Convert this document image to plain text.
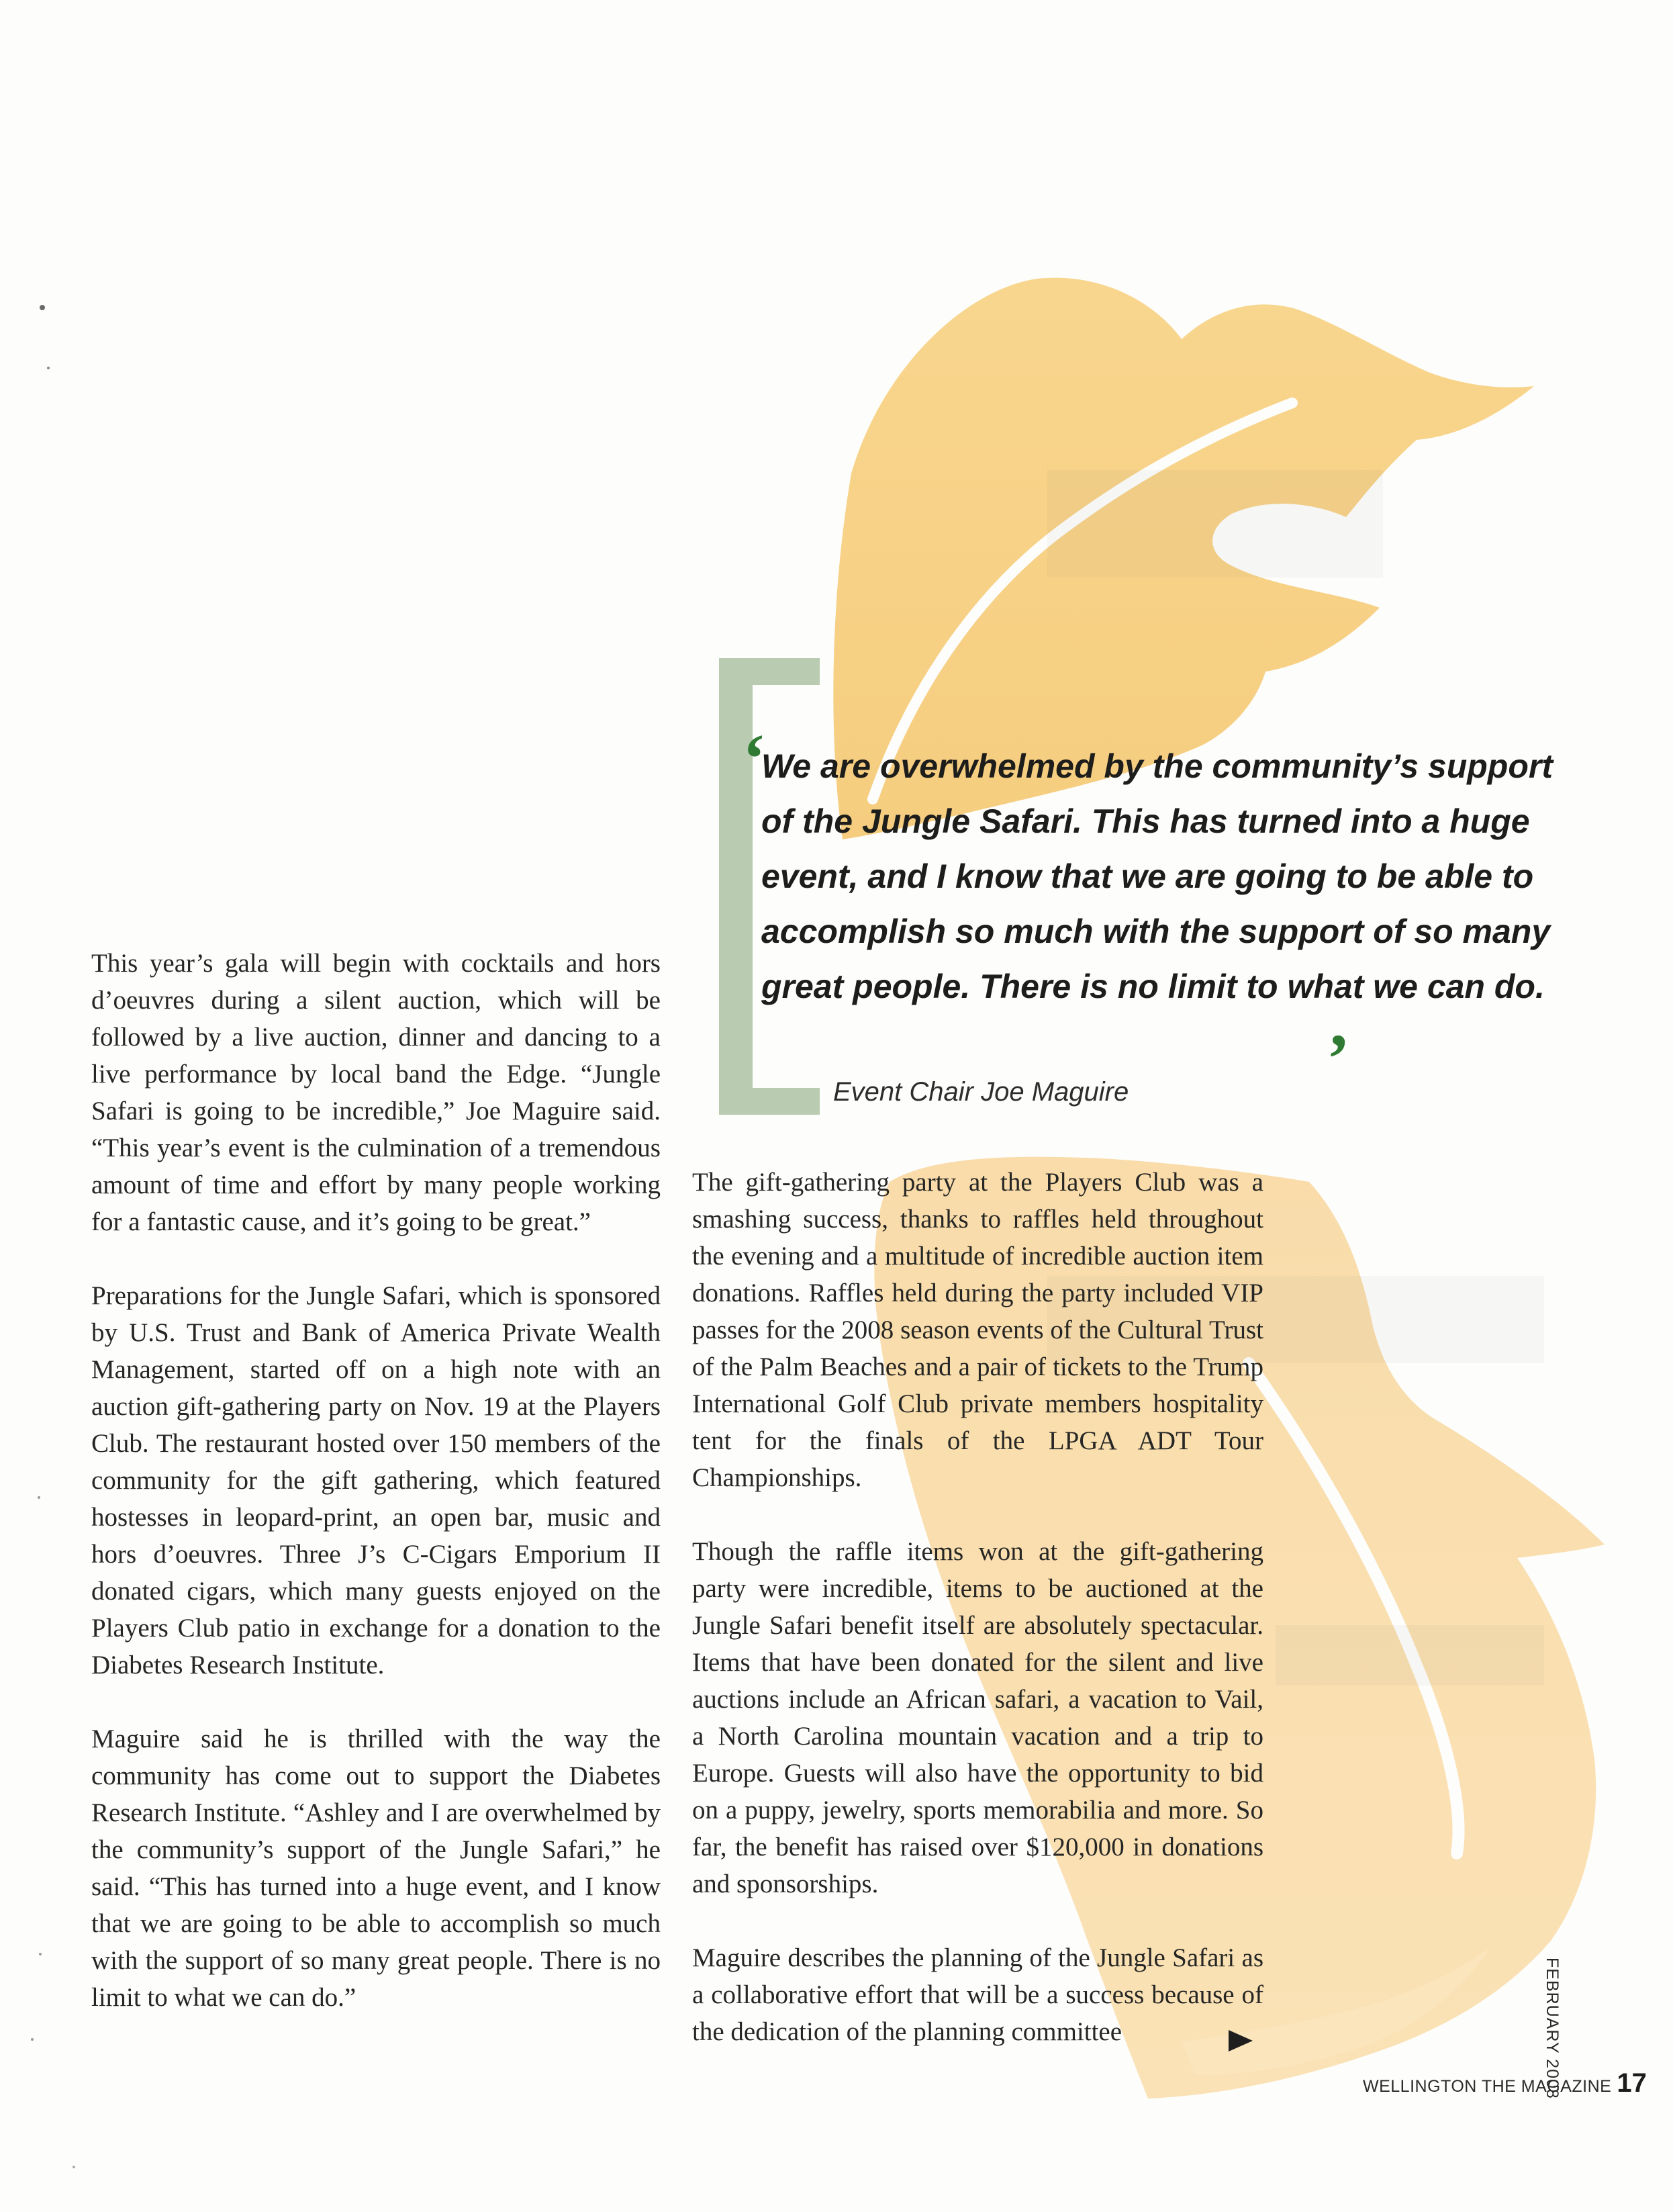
‘

We are overwhelmed by the community’s support of the Jungle Safari. This has turned into a huge event, and I know that we are going to be able to accomplish so much with the support of so many great people. There is no limit to what we can do.

’
Event Chair Joe Maguire

This year’s gala will begin with cocktails and hors d’oeuvres during a silent auction, which will be followed by a live auction, dinner and dancing to a live performance by local band the Edge. “Jungle Safari is going to be incredible,” Joe Maguire said. “This year’s event is the culmination of a tremendous amount of time and effort by many people working for a fantastic cause, and it’s going to be great.”

Preparations for the Jungle Safari, which is sponsored by U.S. Trust and Bank of America Private Wealth Management, started off on a high note with an auction gift-gathering party on Nov. 19 at the Players Club. The restaurant hosted over 150 members of the community for the gift gathering, which featured hostesses in leopard-print, an open bar, music and hors d’oeuvres. Three J’s C-Cigars Emporium II donated cigars, which many guests enjoyed on the Players Club patio in exchange for a donation to the Diabetes Research Institute.

Maguire said he is thrilled with the way the community has come out to support the Diabetes Research Institute. “Ashley and I are overwhelmed by the community’s support of the Jungle Safari,” he said. “This has turned into a huge event, and I know that we are going to be able to accomplish so much with the support of so many great people. There is no limit to what we can do.”

The gift-gathering party at the Players Club was a smashing success, thanks to raffles held throughout the evening and a multitude of incredible auction item donations. Raffles held during the party included VIP passes for the 2008 season events of the Cultural Trust of the Palm Beaches and a pair of tickets to the Trump International Golf Club private members hospitality tent for the finals of the LPGA ADT Tour Championships.

Though the raffle items won at the gift-gathering party were incredible, items to be auctioned at the Jungle Safari benefit itself are absolutely spectacular. Items that have been donated for the silent and live auctions include an African safari, a vacation to Vail, a North Carolina mountain vacation and a trip to Europe. Guests will also have the opportunity to bid on a puppy, jewelry, sports memorabilia and more. So far, the benefit has raised over $120,000 in donations and sponsorships.

Maguire describes the planning of the Jungle Safari as a collaborative effort that will be a success because of the dedication of the planning committee	FEBRUARY 2008
WELLINGTON THE MAGAZINE 17
